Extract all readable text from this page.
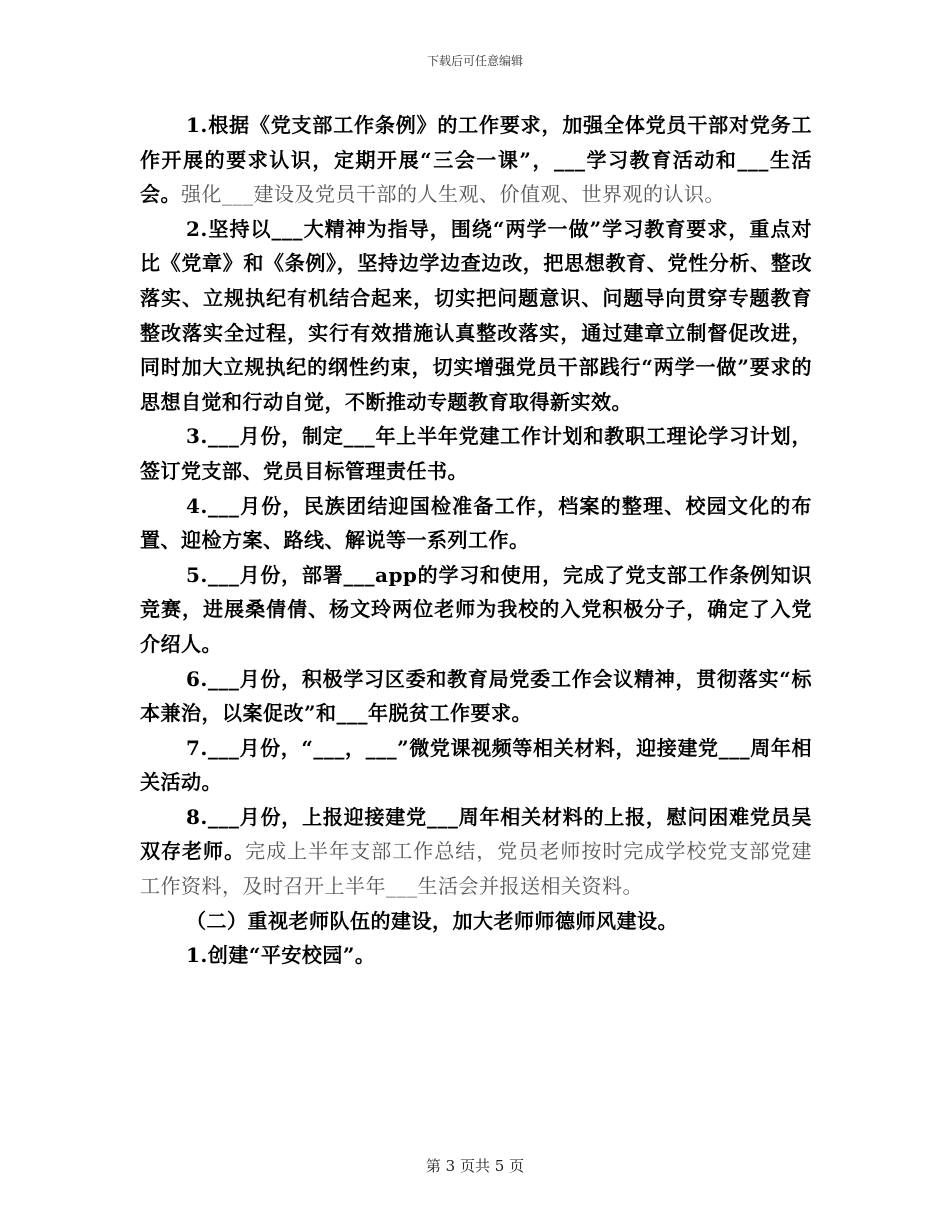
下载后可任意编辑

1.根据《党支部工作条例》的工作要求，加强全体党员干部对党务工作开展的要求认识，定期开展“三会一课”，___学习教育活动和___生活会。强化___建设及党员干部的人生观、价值观、世界观的认识。

2.坚持以___大精神为指导，围绕“两学一做”学习教育要求，重点对比《党章》和《条例》，坚持边学边查边改，把思想教育、党性分析、整改落实、立规执纪有机结合起来，切实把问题意识、问题导向贯穿专题教育整改落实全过程，实行有效措施认真整改落实，通过建章立制督促改进，同时加大立规执纪的纲性约束，切实增强党员干部践行“两学一做”要求的思想自觉和行动自觉，不断推动专题教育取得新实效。

3.___月份，制定___年上半年党建工作计划和教职工理论学习计划，签订党支部、党员目标管理责任书。

4.___月份，民族团结迎国检准备工作，档案的整理、校园文化的布置、迎检方案、路线、解说等一系列工作。

5.___月份，部署___app的学习和使用，完成了党支部工作条例知识竞赛，进展桑倩倩、杨文玲两位老师为我校的入党积极分子，确定了入党介绍人。

6.___月份，积极学习区委和教育局党委工作会议精神，贯彻落实“标本兼治，以案促改”和___年脱贫工作要求。

7.___月份，“___，___”微党课视频等相关材料，迎接建党___周年相关活动。

8.___月份，上报迎接建党___周年相关材料的上报，慰问困难党员吴双存老师。完成上半年支部工作总结，党员老师按时完成学校党支部党建工作资料，及时召开上半年___生活会并报送相关资料。

（二）重视老师队伍的建设，加大老师师德师风建设。

1.创建“平安校园”。

第 3 页共 5 页
